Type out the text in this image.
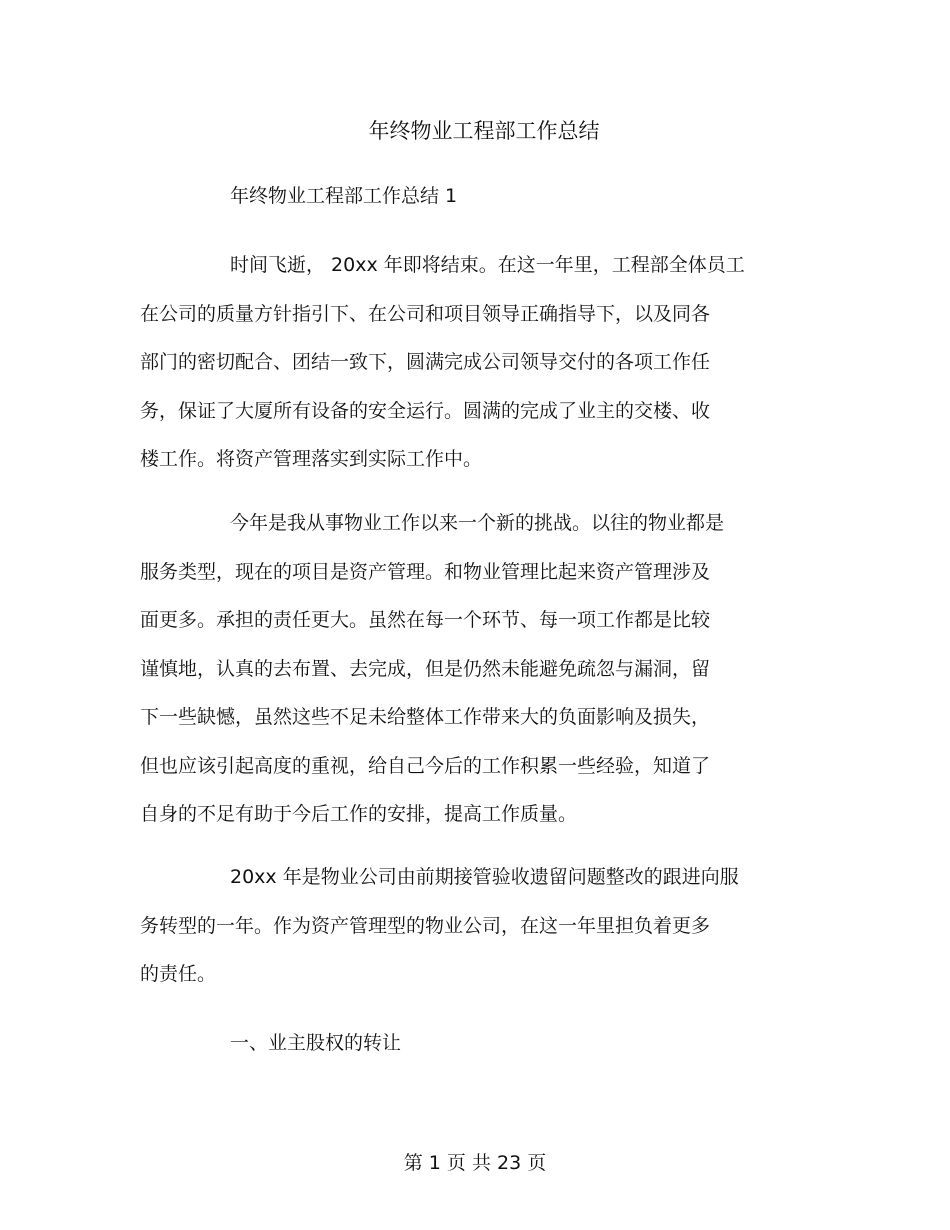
年终物业工程部工作总结
年终物业工程部工作总结 1
时间飞逝， 20xx 年即将结束。在这一年里，工程部全体员工
在公司的质量方针指引下、在公司和项目领导正确指导下，以及同各
部门的密切配合、团结一致下，圆满完成公司领导交付的各项工作任
务，保证了大厦所有设备的安全运行。圆满的完成了业主的交楼、收
楼工作。将资产管理落实到实际工作中。
今年是我从事物业工作以来一个新的挑战。以往的物业都是
服务类型，现在的项目是资产管理。和物业管理比起来资产管理涉及
面更多。承担的责任更大。虽然在每一个环节、每一项工作都是比较
谨慎地，认真的去布置、去完成，但是仍然未能避免疏忽与漏洞，留
下一些缺憾，虽然这些不足未给整体工作带来大的负面影响及损失，
但也应该引起高度的重视，给自己今后的工作积累一些经验，知道了
自身的不足有助于今后工作的安排，提高工作质量。
20xx 年是物业公司由前期接管验收遗留问题整改的跟进向服
务转型的一年。作为资产管理型的物业公司，在这一年里担负着更多
的责任。
一、业主股权的转让
第 1 页 共 23 页
